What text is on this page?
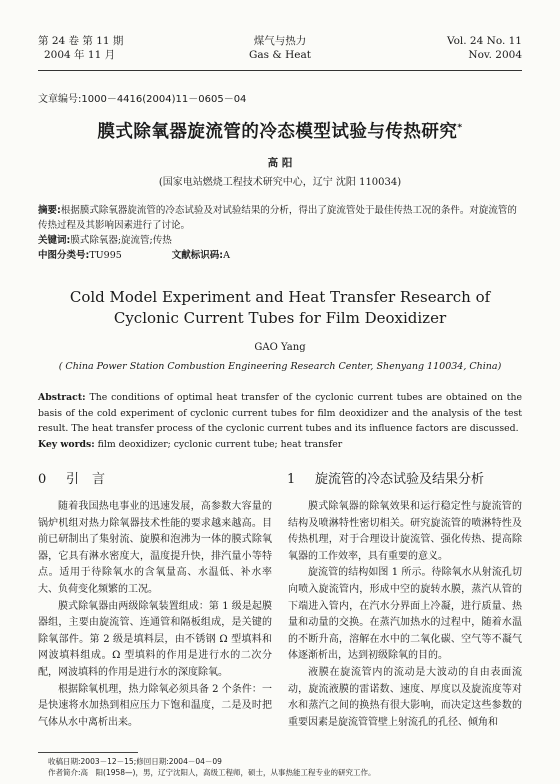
第 24 卷 第 11 期
2004 年 11 月
煤气与热力
Gas & Heat
Vol. 24 No. 11
Nov. 2004
文章编号:1000－4416(2004)11－0605－04
膜式除氧器旋流管的冷态模型试验与传热研究*
高 阳
(国家电站燃烧工程技术研究中心，辽宁 沈阳 110034)
摘要:根据膜式除氧器旋流管的冷态试验及对试验结果的分析，得出了旋流管处于最佳传热工况的条件。对旋流管的传热过程及其影响因素进行了讨论。
关键词:膜式除氧器;旋流管;传热
中图分类号:TU995	文献标识码:A
Cold Model Experiment and Heat Transfer Research of
Cyclonic Current Tubes for Film Deoxidizer
GAO Yang
( China Power Station Combustion Engineering Research Center, Shenyang 110034, China)
Abstract: The conditions of optimal heat transfer of the cyclonic current tubes are obtained on the basis of the cold experiment of cyclonic current tubes for film deoxidizer and the analysis of the test result. The heat transfer process of the cyclonic current tubes and its influence factors are discussed.
Key words: film deoxidizer; cyclonic current tube; heat transfer
0 引　言	1 旋流管的冷态试验及结果分析

随着我国热电事业的迅速发展，高参数大容量的锅炉机组对热力除氧器技术性能的要求越来越高。目前已研制出了集射流、旋膜和泡沸为一体的膜式除氧器，它具有淋水密度大，温度提升快，排汽量小等特点。适用于待除氧水的含氧量高、水温低、补水率大、负荷变化频繁的工况。

膜式除氧器由两级除氧装置组成：第 1 级是起膜器组，主要由旋流管、连通管和隔板组成，是关键的除氧部件。第 2 级是填料层，由不锈钢 Ω 型填料和网波填料组成。Ω 型填料的作用是进行水的二次分配，网波填料的作用是进行水的深度除氧。

根据除氧机理，热力除氧必须具备 2 个条件：一是快速将水加热到相应压力下饱和温度，二是及时把气体从水中离析出来。

膜式除氧器的除氧效果和运行稳定性与旋流管的结构及喷淋特性密切相关。研究旋流管的喷淋特性及传热机理，对于合理设计旋流管、强化传热、提高除氧器的工作效率，具有重要的意义。

旋流管的结构如图 1 所示。待除氧水从射流孔切向喷入旋流管内，形成中空的旋转水膜，蒸汽从管的下端进入管内，在汽水分界面上冷凝，进行质量、热量和动量的交换。在蒸汽加热水的过程中，随着水温的不断升高，溶解在水中的二氧化碳、空气等不凝气体逐渐析出，达到初级除氧的目的。

液膜在旋流管内的流动是大波动的自由表面流动，旋流液膜的雷诺数、速度、厚度以及旋流度等对水和蒸汽之间的换热有很大影响，而决定这些参数的重要因素是旋流管管壁上射流孔的孔径、倾角和

收稿日期:2003－12－15;修回日期:2004－04－09
作者简介:高　阳(1958—)，男，辽宁沈阳人，高级工程师，硕士，从事热能工程专业的研究工作。
